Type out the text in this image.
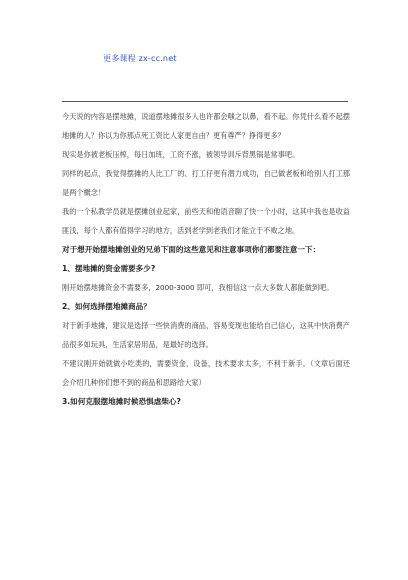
更多课程 zx-cc.net

今天说的内容是摆地摊，说道摆地摊很多人也许都会嗤之以鼻，看不起。你凭什么看不起摆地摊的人？你以为你那点死工资比人家更自由？更有尊严？挣得更多？

现实是你被老板压榨，每日加班，工资不涨，被领导训斥背黑锅是常事吧。

同样的起点，我觉得摆摊的人比工厂的、打工仔更有潜力成功，自己做老板和给别人打工那是两个概念！

我的一个私教学员就是摆摊创业起家，前些天和他语音聊了快一个小时，这其中我也是收益匪浅，每个人都有值得学习的地方，活到老学到老我们才能立于不败之地。

对于想开始摆地摊创业的兄弟下面的这些意见和注意事项你们都要注意一下：

1、摆地摊的资金需要多少?

刚开始摆地摊资金不需要多，2000-3000 即可，我相信这一点大多数人都能做到吧。

2、如何选择摆地摊商品？

对于新手地摊，建议是选择一些快消费的商品，容易变现也能给自己信心，这其中快消费产品很多如玩具，生活家居用品，是最好的选择。

不建议刚开始就做小吃类的，需要资金，设备，技术要求太多，不利于新手。（文章后面还会介绍几种你们想不到的商品和思路给大家）

3.如何克服摆地摊时候恐惧虐柴心?
